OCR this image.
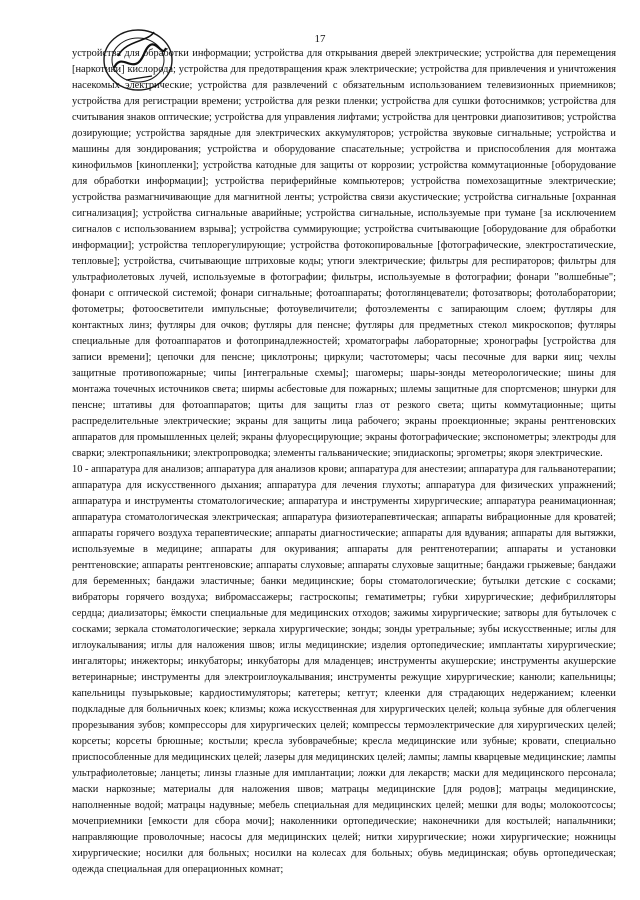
17

устройства для обработки информации; устройства для открывания дверей электрические; устройства для перемещения [наркотики] кислорода; устройства для предотвращения краж электрические; устройства для привлечения и уничтожения насекомых электрические; устройства для развлечений с обязательным использованием телевизионных приемников; устройства для регистрации времени; устройства для резки пленки; устройства для сушки фотоснимков; устройства для считывания знаков оптические; устройства для управления лифтами; устройства для центровки диапозитивов; устройства дозирующие; устройства зарядные для электрических аккумуляторов; устройства звуковые сигнальные; устройства и машины для зондирования; устройства и оборудование спасательные; устройства и приспособления для монтажа кинофильмов [кинопленки]; устройства катодные для защиты от коррозии; устройства коммутационные [оборудование для обработки информации]; устройства периферийные компьютеров; устройства помехозащитные электрические; устройства размагничивающие для магнитной ленты; устройства связи акустические; устройства сигнальные [охранная сигнализация]; устройства сигнальные аварийные; устройства сигнальные, используемые при тумане [за исключением сигналов с использованием взрыва]; устройства суммирующие; устройства считывающие [оборудование для обработки информации]; устройства теплорегулирующие; устройства фотокопировальные [фотографические, электростатические, тепловые]; устройства, считывающие штриховые коды; утюги электрические; фильтры для респираторов; фильтры для ультрафиолетовых лучей, используемые в фотографии; фильтры, используемые в фотографии; фонари "волшебные"; фонари с оптической системой; фонари сигнальные; фотоаппараты; фотоглянцеватели; фотозатворы; фотолаборатории; фотометры; фотоосветители импульсные; фотоувеличители; фотоэлементы с запирающим слоем; футляры для контактных линз; футляры для очков; футляры для пенсне; футляры для предметных стекол микроскопов; футляры специальные для фотоаппаратов и фотопринадлежностей; хроматографы лабораторные; хронографы [устройства для записи времени]; цепочки для пенсне; циклотроны; циркули; частотомеры; часы песочные для варки яиц; чехлы защитные противопожарные; чипы [интегральные схемы]; шагомеры; шары-зонды метеорологические; шины для монтажа точечных источников света; ширмы асбестовые для пожарных; шлемы защитные для спортсменов; шнурки для пенсне; штативы для фотоаппаратов; щиты для защиты глаз от резкого света; щиты коммутационные; щиты распределительные электрические; экраны для защиты лица рабочего; экраны проекционные; экраны рентгеновских аппаратов для промышленных целей; экраны флуоресцирующие; экраны фотографические; экспонометры; электроды для сварки; электропаяльники; электропроводка; элементы гальванические; эпидиаскопы; эргометры; якоря электрические.

10 - аппаратура для анализов; аппаратура для анализов крови; аппаратура для анестезии; аппаратура для гальванотерапии; аппаратура для искусственного дыхания; аппаратура для лечения глухоты; аппаратура для физических упражнений; аппаратура и инструменты стоматологические; аппаратура и инструменты хирургические; аппаратура реанимационная; аппаратура стоматологическая электрическая; аппаратура физиотерапевтическая; аппараты вибрационные для кроватей; аппараты горячего воздуха терапевтические; аппараты диагностические; аппараты для вдувания; аппараты для вытяжки, используемые в медицине; аппараты для окуривания; аппараты для рентгенотерапии; аппараты и установки рентгеновские; аппараты рентгеновские; аппараты слуховые; аппараты слуховые защитные; бандажи грыжевые; бандажи для беременных; бандажи эластичные; банки медицинские; боры стоматологические; бутылки детские с сосками; вибраторы горячего воздуха; вибромассажеры; гастроскопы; гематиметры; губки хирургические; дефибрилляторы сердца; диализаторы; ёмкости специальные для медицинских отходов; зажимы хирургические; затворы для бутылочек с сосками; зеркала стоматологические; зеркала хирургические; зонды; зонды уретральные; зубы искусственные; иглы для иглоукалывания; иглы для наложения швов; иглы медицинские; изделия ортопедические; имплантаты хирургические; ингаляторы; инжекторы; инкубаторы; инкубаторы для младенцев; инструменты акушерские; инструменты акушерские ветеринарные; инструменты для электроиглоукалывания; инструменты режущие хирургические; канюли; капельницы; капельницы пузырьковые; кардиостимуляторы; катетеры; кетгут; клеенки для страдающих недержанием; клеенки подкладные для больничных коек; клизмы; кожа искусственная для хирургических целей; кольца зубные для облегчения прорезывания зубов; компрессоры для хирургических целей; компрессы термоэлектрические для хирургических целей; корсеты; корсеты брюшные; костыли; кресла зубоврачебные; кресла медицинские или зубные; кровати, специально приспособленные для медицинских целей; лазеры для медицинских целей; лампы; лампы кварцевые медицинские; лампы ультрафиолетовые; ланцеты; линзы глазные для имплантации; ложки для лекарств; маски для медицинского персонала; маски наркозные; материалы для наложения швов; матрацы медицинские [для родов]; матрацы медицинские, наполненные водой; матрацы надувные; мебель специальная для медицинских целей; мешки для воды; молокоотсосы; мочеприемники [емкости для сбора мочи]; наколенники ортопедические; наконечники для костылей; напальчники; направляющие проволочные; насосы для медицинских целей; нитки хирургические; ножи хирургические; ножницы хирургические; носилки для больных; носилки на колесах для больных; обувь медицинская; обувь ортопедическая; одежда специальная для операционных комнат;
